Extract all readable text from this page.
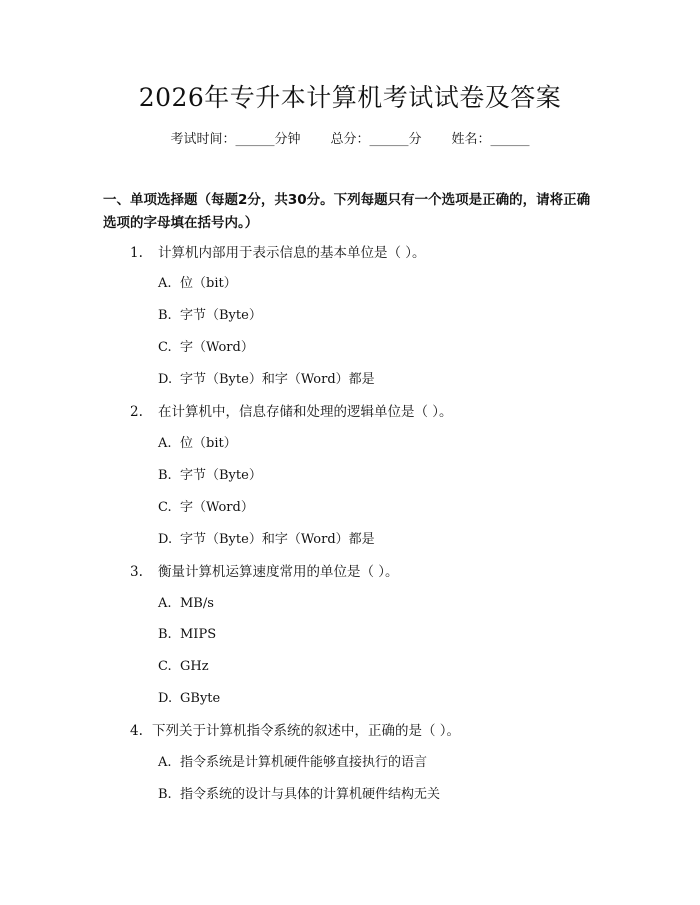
2026年专升本计算机考试试卷及答案
考试时间：______分钟 总分：______分 姓名：______
一、单项选择题（每题2分，共30分。下列每题只有一个选项是正确的，请将正确选项的字母填在括号内。）
1. 计算机内部用于表示信息的基本单位是（ ）。
A. 位（bit）
B. 字节（Byte）
C. 字（Word）
D. 字节（Byte）和字（Word）都是
2. 在计算机中，信息存储和处理的逻辑单位是（ ）。
A. 位（bit）
B. 字节（Byte）
C. 字（Word）
D. 字节（Byte）和字（Word）都是
3. 衡量计算机运算速度常用的单位是（ ）。
A. MB/s
B. MIPS
C. GHz
D. GByte
4. 下列关于计算机指令系统的叙述中，正确的是（ ）。
A. 指令系统是计算机硬件能够直接执行的语言
B. 指令系统的设计与具体的计算机硬件结构无关
